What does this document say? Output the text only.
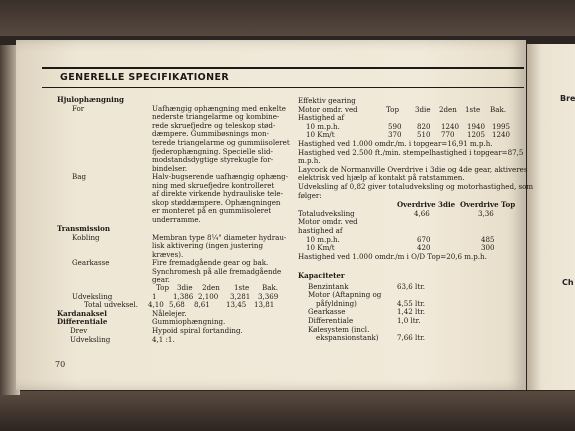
Bre
Ch
GENERELLE SPECIFIKATIONER
70
Hjulophængning
For	Uafhængig ophængning med enkelte
nederste triangelarme og kombine-
rede skruefjedre og teleskop stød-
dæmpere. Gummibøsnings mon-
terede triangelarme og gummiisoleret
fjederophængning. Specielle slid-
modstandsdygtige styrekugle for-
bindelser.
Bag	Halv-bugserende uafhængig ophæng-
ning med skruefjedre kontrolleret
af direkte virkende hydrauliske tele-
skop støddæmpere. Ophængningen
er monteret på en gummiisoleret
underramme.
Transmission
Kobling	Membran type 8¼" diameter hydrau-
lisk aktivering (ingen justering
kræves).
Gearkasse	Fire fremadgående gear og bak.
Synchromesh på alle fremadgående
gear.
Top 3die 2den 1ste Bak.
Udveksling	1 1,386 2,100 3,281 3,369
Total udveksel. 4,10 5,68 8,61 13,45 13,81
Kardanaksel	Nålelejer.
Differentiale	Gummiophængning.
Drev	Hypoid spiral fortanding.
Udveksling	4,1 :1.
Effektiv gearing
Motor omdr. ved	Top 3die 2den 1ste Bak.
Hastighed af
10 m.p.h.	590 820 1240 1940 1995
10 Km/t	370 510 770 1205 1240
Hastighed ved 1.000 omdr./m. i topgear=16,91 m.p.h.
Hastighed ved 2.500 ft./min. stempelhastighed i topgear=87,5
m.p.h.
Laycock de Normanville Overdrive i 3die og 4de gear, aktiveres
elektrisk ved hjælp af kontakt på ratstammen.
Udveksling af 0,82 giver totaludveksling og motorhastighed, som
følger:
Overdrive 3die Overdrive Top
Totaludveksling	4,66	3,36
Motor omdr. ved
hastighed af
10 m.p.h.	670	485
10 Km/t	420	300
Hastighed ved 1.000 omdr./m i O/D Top=20,6 m.p.h.
Kapaciteter
Benzintank	63,6 ltr.
Motor (Aftapning og
påfyldning)	4,55 ltr.
Gearkasse	1,42 ltr.
Differentiale	1,0 ltr.
Kølesystem (incl.
ekspansionstank)	7,66 ltr.
